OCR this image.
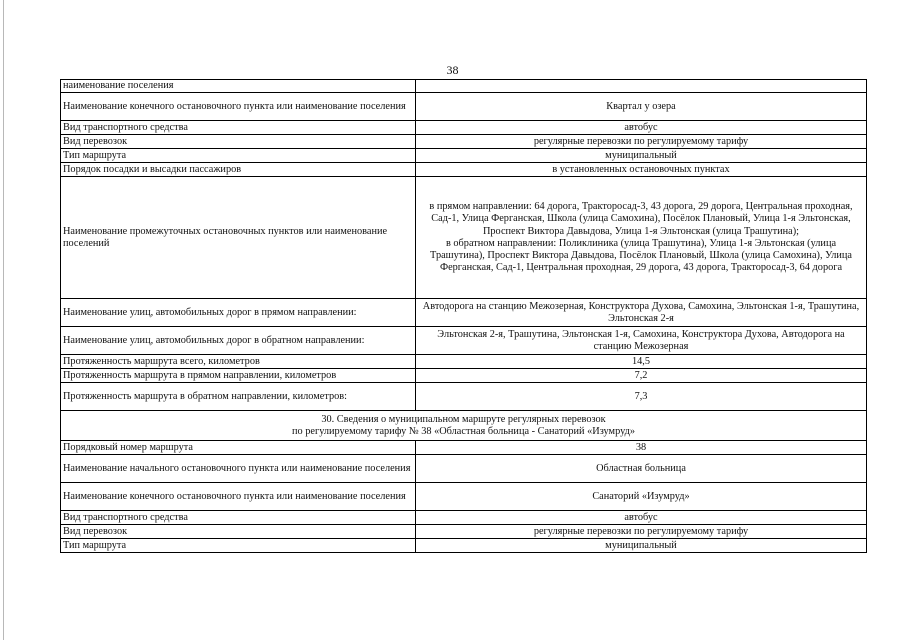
38
наименование поселения	
Наименование конечного остановочного пункта или наименование поселения	Квартал у озера
Вид транспортного средства	автобус
Вид перевозок	регулярные перевозки по регулируемому тарифу
Тип маршрута	муниципальный
Порядок посадки и высадки пассажиров	в установленных остановочных пунктах
Наименование промежуточных остановочных пунктов или наименование поселений	в прямом направлении: 64 дорога, Тракторосад-3, 43 дорога, 29 дорога, Центральная проходная, Сад-1, Улица Ферганская, Школа (улица Самохина), Посёлок Плановый, Улица 1-я Эльтонская, Проспект Виктора Давыдова, Улица 1-я Эльтонская (улица Трашутина);
в обратном направлении: Поликлиника (улица Трашутина), Улица 1-я Эльтонская (улица Трашутина), Проспект Виктора Давыдова, Посёлок Плановый, Школа (улица Самохина), Улица Ферганская, Сад-1, Центральная проходная, 29 дорога, 43 дорога, Тракторосад-3, 64 дорога

Наименование улиц, автомобильных дорог в прямом направлении:	Автодорога на станцию Межозерная, Конструктора Духова, Самохина, Эльтонская 1-я, Трашутина, Эльтонская 2-я
Наименование улиц, автомобильных дорог в обратном направлении:	Эльтонская 2-я, Трашутина, Эльтонская 1-я, Самохина, Конструктора Духова, Автодорога на станцию Межозерная
Протяженность маршрута всего, километров	14,5
Протяженность маршрута в прямом направлении, километров	7,2
Протяженность маршрута в обратном направлении, километров:	7,3

30. Сведения о муниципальном маршруте регулярных перевозок
по регулируемому тарифу № 38 «Областная больница - Санаторий «Изумруд»	

Порядковый номер маршрута	38
Наименование начального остановочного пункта или наименование поселения	Областная больница
Наименование конечного остановочного пункта или наименование поселения	Санаторий «Изумруд»
Вид транспортного средства	автобус
Вид перевозок	регулярные перевозки по регулируемому тарифу
Тип маршрута	муниципальный
